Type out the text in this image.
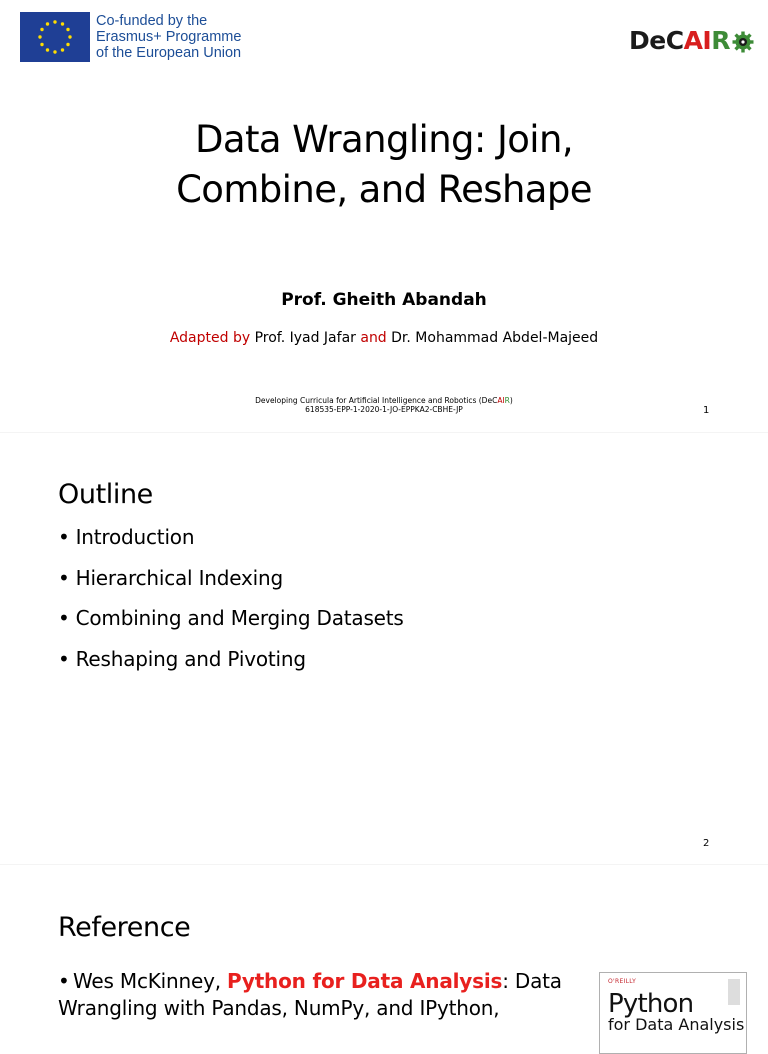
Co-funded by the
Erasmus+ Programme
of the European Union	DeC AI R
Data Wrangling: Join,
Combine, and Reshape
Prof. Gheith Abandah
Adapted by Prof. Iyad Jafar and Dr. Mohammad Abdel-Majeed
Developing Curricula for Artificial Intelligence and Robotics (DeCAIR)
618535-EPP-1-2020-1-JO-EPPKA2-CBHE-JP	1
Outline
• Introduction
• Hierarchical Indexing
• Combining and Merging Datasets
• Reshaping and Pivoting
2
Reference
• Wes McKinney, Python for Data Analysis: Data Wrangling with Pandas, NumPy, and IPython,
O'REILLY
Python
for Data Analysis
